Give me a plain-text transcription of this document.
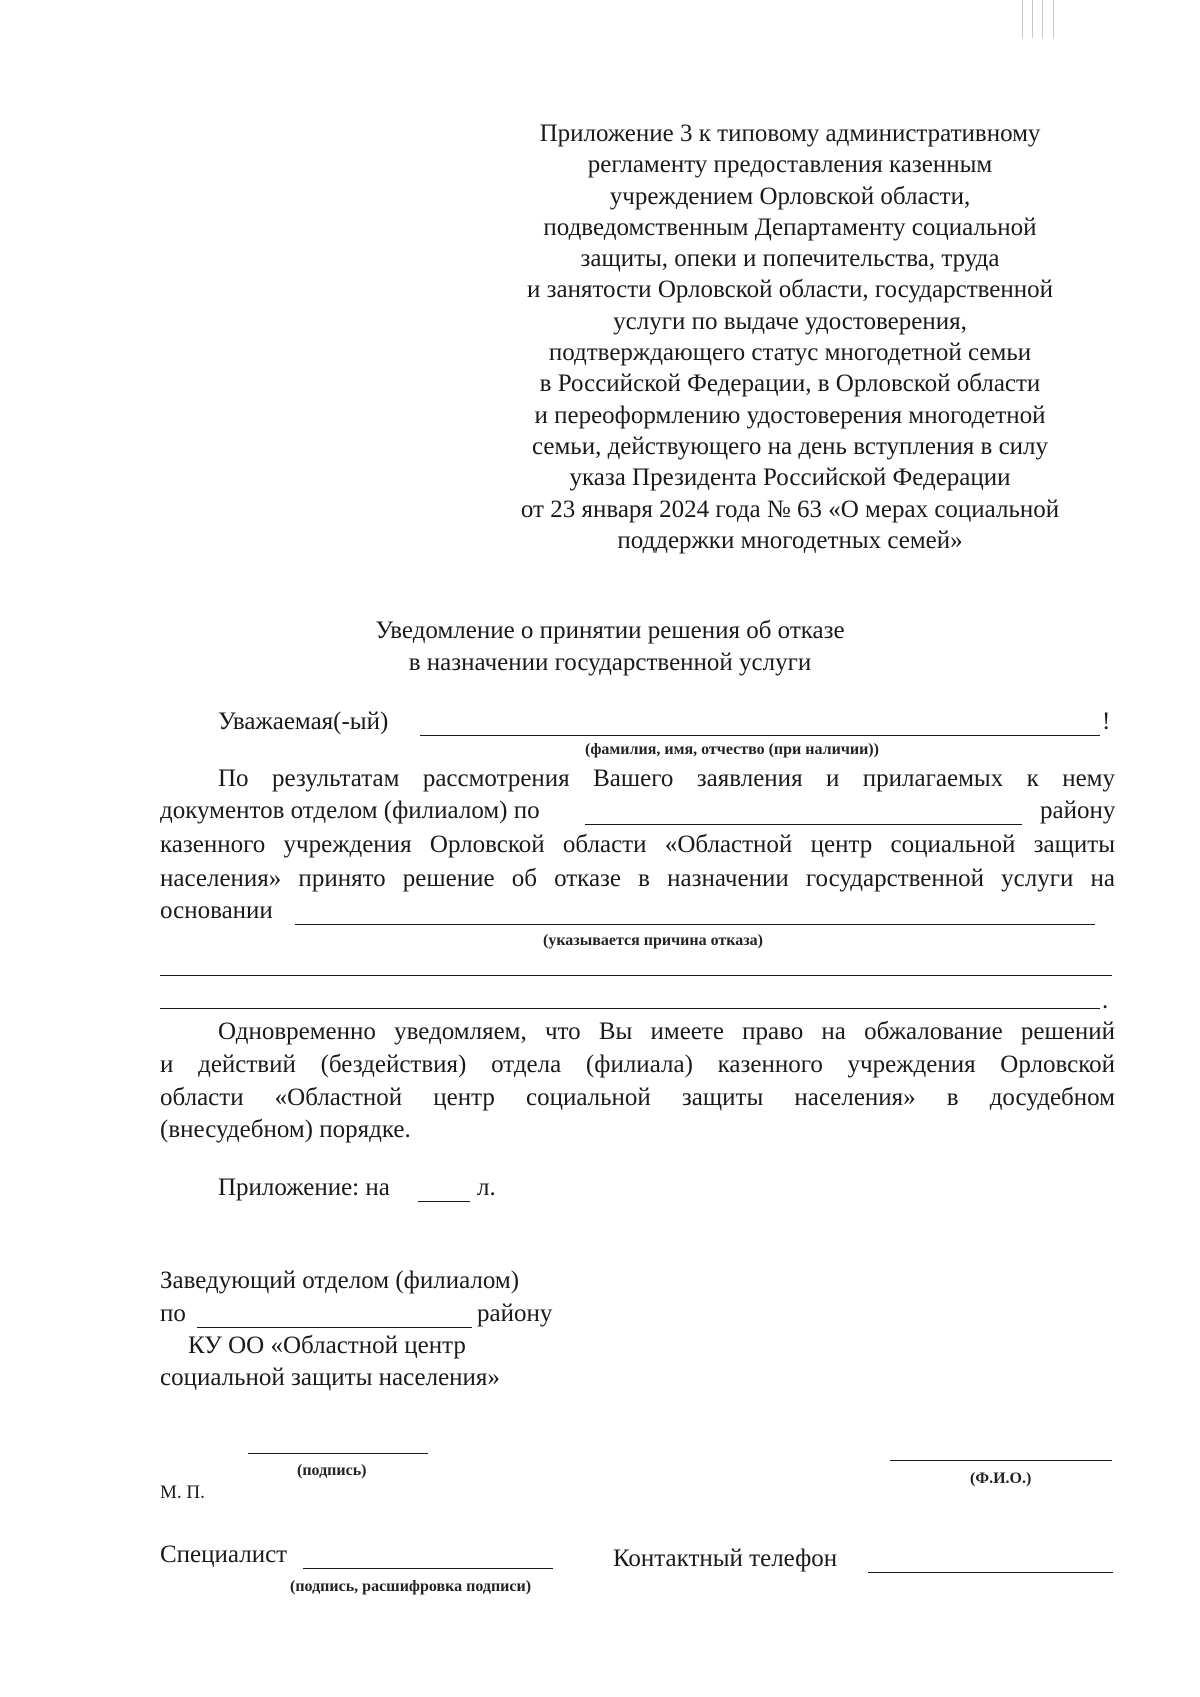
Приложение 3 к типовому административному
регламенту предоставления казенным
учреждением Орловской области,
подведомственным Департаменту социальной
защиты, опеки и попечительства, труда
и занятости Орловской области, государственной
услуги по выдаче удостоверения,
подтверждающего статус многодетной семьи
в Российской Федерации, в Орловской области
и переоформлению удостоверения многодетной
семьи, действующего на день вступления в силу
указа Президента Российской Федерации
от 23 января 2024 года № 63 «О мерах социальной
поддержки многодетных семей»
Уведомление о принятии решения об отказе
в назначении государственной услуги
Уважаемая(-ый)	!
(фамилия, имя, отчество (при наличии))
По результатам рассмотрения Вашего заявления и прилагаемых к нему
документов отделом (филиалом) по	району
казенного учреждения Орловской области «Областной центр социальной защиты
населения» принято решение об отказе в назначении государственной услуги на
основании
(указывается причина отказа)
.
Одновременно уведомляем, что Вы имеете право на обжалование решений
и действий (бездействия) отдела (филиала) казенного учреждения Орловской
области «Областной центр социальной защиты населения» в досудебном
(внесудебном) порядке.
Приложение: на	л.
Заведующий отделом (филиалом)
по	району
КУ ОО «Областной центр
социальной защиты населения»
(подпись)	(Ф.И.О.)
М. П.
Специалист
(подпись, расшифровка подписи)
Контактный телефон
